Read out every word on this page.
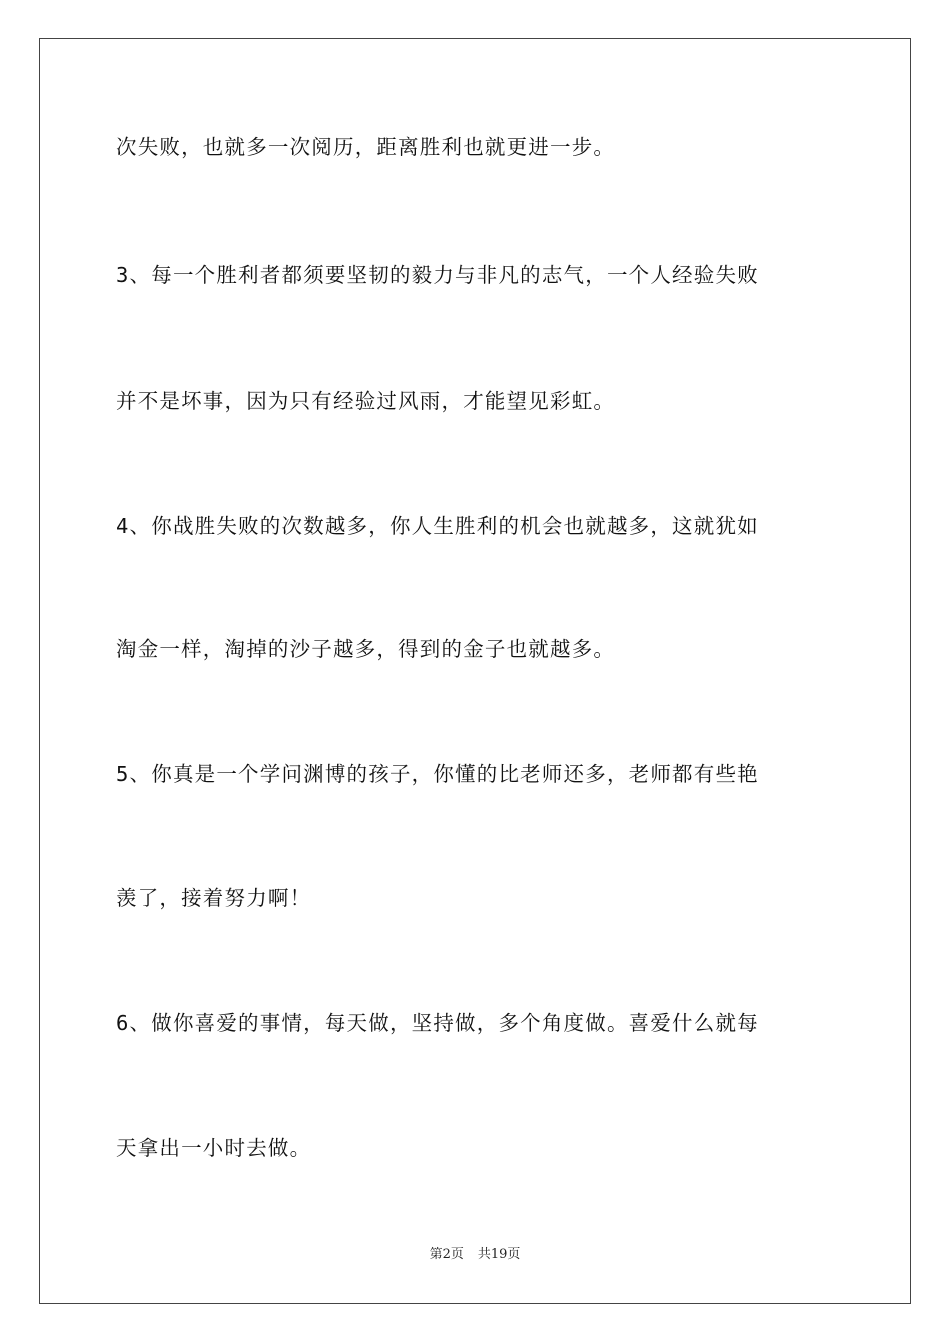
次失败，也就多一次阅历，距离胜利也就更进一步。
3、每一个胜利者都须要坚韧的毅力与非凡的志气，一个人经验失败
并不是坏事，因为只有经验过风雨，才能望见彩虹。
4、你战胜失败的次数越多，你人生胜利的机会也就越多，这就犹如
淘金一样，淘掉的沙子越多，得到的金子也就越多。
5、你真是一个学问渊博的孩子，你懂的比老师还多，老师都有些艳
羡了，接着努力啊！
6、做你喜爱的事情，每天做，坚持做，多个角度做。喜爱什么就每
天拿出一小时去做。
第2页 共19页
